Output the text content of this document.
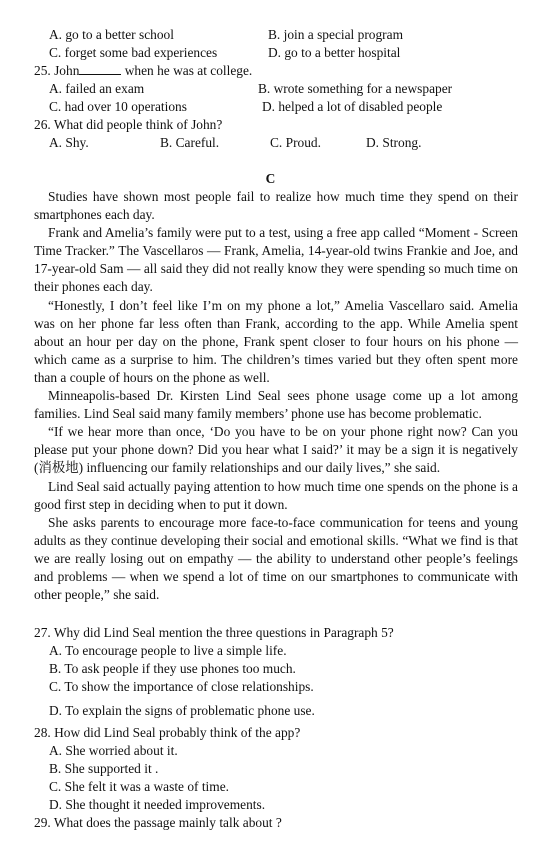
A. go to a better school	B. join a special program
C. forget some bad experiences	D. go to a better hospital
25. John	when he was at college.
A. failed an exam	B. wrote something for a newspaper
C. had over 10 operations	D. helped a lot of disabled people
26. What did people think of John?
A. Shy.	B. Careful.	C. Proud.	D. Strong.
C
Studies have shown most people fail to realize how much time they spend on their smartphones each day.
Frank and Amelia’s family were put to a test, using a free app called “Moment - Screen Time Tracker.” The Vascellaros — Frank, Amelia, 14-year-old twins Frankie and Joe, and 17-year-old Sam — all said they did not really know they were spending so much time on their phones each day.
“Honestly, I don’t feel like I’m on my phone a lot,” Amelia Vascellaro said. Amelia was on her phone far less often than Frank, according to the app. While Amelia spent about an hour per day on the phone, Frank spent closer to four hours on his phone — which came as a surprise to him. The children’s times varied but they often spent more than a couple of hours on the phone as well.
Minneapolis-based Dr. Kirsten Lind Seal sees phone usage come up a lot among families. Lind Seal said many family members’ phone use has become problematic.
“If we hear more than once, ‘Do you have to be on your phone right now? Can you please put your phone down? Did you hear what I said?’ it may be a sign it is negatively (消极地) influencing our family relationships and our daily lives,” she said.
Lind Seal said actually paying attention to how much time one spends on the phone is a good first step in deciding when to put it down.
She asks parents to encourage more face-to-face communication for teens and young adults as they continue developing their social and emotional skills. “What we find is that we are really losing out on empathy — the ability to understand other people’s feelings and problems — when we spend a lot of time on our smartphones to communicate with other people,” she said.
27. Why did Lind Seal mention the three questions in Paragraph 5?
A. To encourage people to live a simple life.
B. To ask people if they use phones too much.
C. To show the importance of close relationships.
D. To explain the signs of problematic phone use.
28. How did Lind Seal probably think of the app?
A. She worried about it.
B. She supported it .
C. She felt it was a waste of time.
D. She thought it needed improvements.
29. What does the passage mainly talk about ?
